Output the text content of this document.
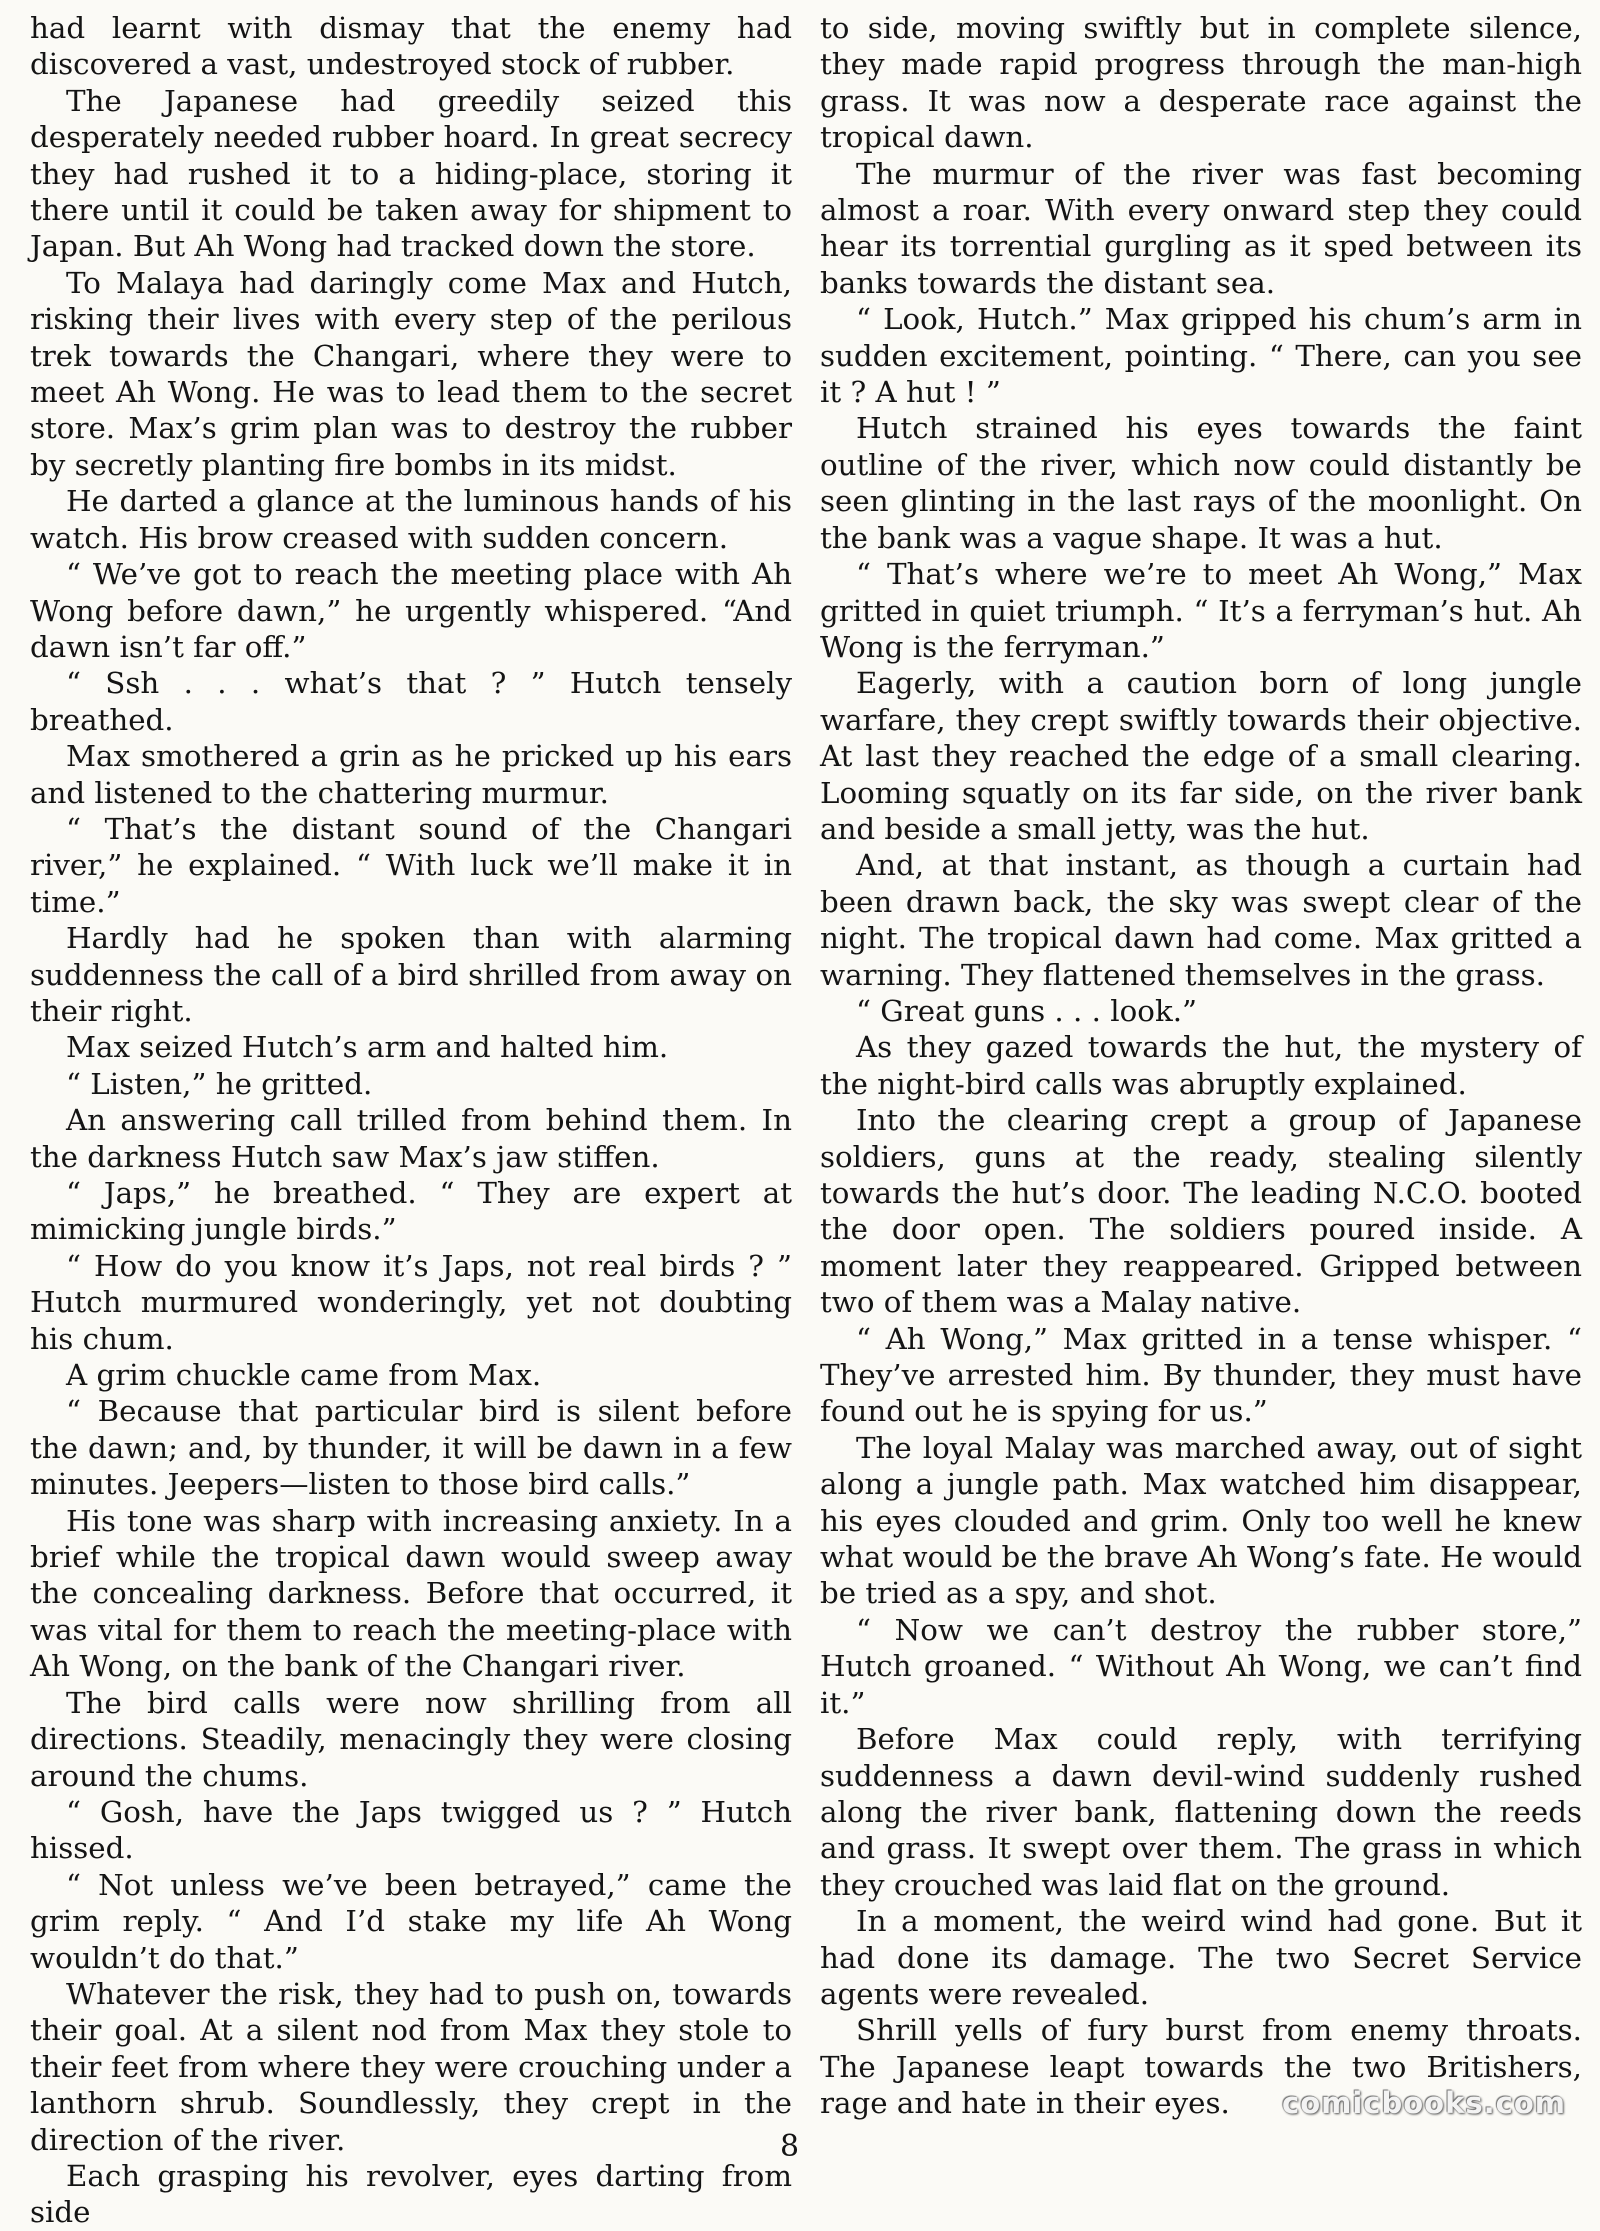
had learnt with dismay that the enemy had discovered a vast, undestroyed stock of rubber.

The Japanese had greedily seized this desperately needed rubber hoard. In great secrecy they had rushed it to a hiding-place, storing it there until it could be taken away for shipment to Japan. But Ah Wong had tracked down the store.

To Malaya had daringly come Max and Hutch, risking their lives with every step of the perilous trek towards the Changari, where they were to meet Ah Wong. He was to lead them to the secret store. Max’s grim plan was to destroy the rubber by secretly planting fire bombs in its midst.

He darted a glance at the luminous hands of his watch. His brow creased with sudden concern.

“ We’ve got to reach the meeting place with Ah Wong before dawn,” he urgently whispered. “And dawn isn’t far off.”

“ Ssh . . . what’s that ? ” Hutch tensely breathed.

Max smothered a grin as he pricked up his ears and listened to the chattering murmur.

“ That’s the distant sound of the Changari river,” he explained. “ With luck we’ll make it in time.”

Hardly had he spoken than with alarming suddenness the call of a bird shrilled from away on their right.

Max seized Hutch’s arm and halted him.

“ Listen,” he gritted.

An answering call trilled from behind them. In the darkness Hutch saw Max’s jaw stiffen.

“ Japs,” he breathed. “ They are expert at mimicking jungle birds.”

“ How do you know it’s Japs, not real birds ? ” Hutch murmured wonderingly, yet not doubting his chum.

A grim chuckle came from Max.

“ Because that particular bird is silent before the dawn; and, by thunder, it will be dawn in a few minutes. Jeepers—listen to those bird calls.”

His tone was sharp with increasing anxiety. In a brief while the tropical dawn would sweep away the concealing darkness. Before that occurred, it was vital for them to reach the meeting-place with Ah Wong, on the bank of the Changari river.

The bird calls were now shrilling from all directions. Steadily, menacingly they were closing around the chums.

“ Gosh, have the Japs twigged us ? ” Hutch hissed.

“ Not unless we’ve been betrayed,” came the grim reply. “ And I’d stake my life Ah Wong wouldn’t do that.”

Whatever the risk, they had to push on, towards their goal. At a silent nod from Max they stole to their feet from where they were crouching under a lanthorn shrub. Soundlessly, they crept in the direction of the river.

Each grasping his revolver, eyes darting from side

to side, moving swiftly but in complete silence, they made rapid progress through the man-high grass. It was now a desperate race against the tropical dawn.

The murmur of the river was fast becoming almost a roar. With every onward step they could hear its torrential gurgling as it sped between its banks towards the distant sea.

“ Look, Hutch.” Max gripped his chum’s arm in sudden excitement, pointing. “ There, can you see it ? A hut ! ”

Hutch strained his eyes towards the faint outline of the river, which now could distantly be seen glinting in the last rays of the moonlight. On the bank was a vague shape. It was a hut.

“ That’s where we’re to meet Ah Wong,” Max gritted in quiet triumph. “ It’s a ferryman’s hut. Ah Wong is the ferryman.”

Eagerly, with a caution born of long jungle warfare, they crept swiftly towards their objective. At last they reached the edge of a small clearing. Looming squatly on its far side, on the river bank and beside a small jetty, was the hut.

And, at that instant, as though a curtain had been drawn back, the sky was swept clear of the night. The tropical dawn had come. Max gritted a warning. They flattened themselves in the grass.

“ Great guns . . . look.”

As they gazed towards the hut, the mystery of the night-bird calls was abruptly explained.

Into the clearing crept a group of Japanese soldiers, guns at the ready, stealing silently towards the hut’s door. The leading N.C.O. booted the door open. The soldiers poured inside. A moment later they reappeared. Gripped between two of them was a Malay native.

“ Ah Wong,” Max gritted in a tense whisper. “ They’ve arrested him. By thunder, they must have found out he is spying for us.”

The loyal Malay was marched away, out of sight along a jungle path. Max watched him disappear, his eyes clouded and grim. Only too well he knew what would be the brave Ah Wong’s fate. He would be tried as a spy, and shot.

“ Now we can’t destroy the rubber store,” Hutch groaned. “ Without Ah Wong, we can’t find it.”

Before Max could reply, with terrifying suddenness a dawn devil-wind suddenly rushed along the river bank, flattening down the reeds and grass. It swept over them. The grass in which they crouched was laid flat on the ground.

In a moment, the weird wind had gone. But it had done its damage. The two Secret Service agents were revealed.

Shrill yells of fury burst from enemy throats. The Japanese leapt towards the two Britishers, rage and hate in their eyes.

8
comicbooks.com
